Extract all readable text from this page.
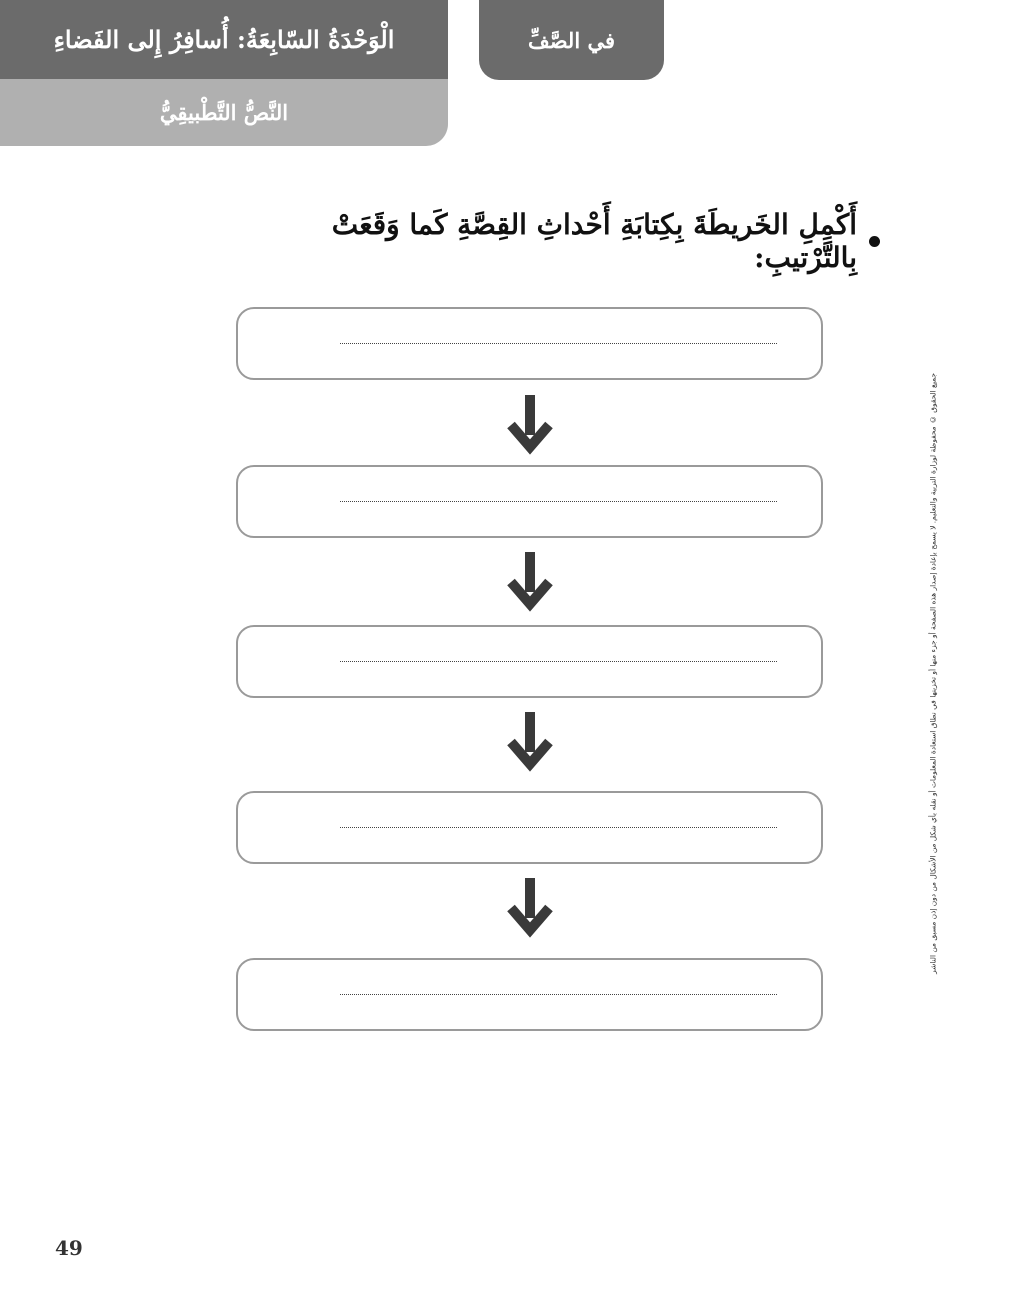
الْوَحْدَةُ السّابِعَةُ: أُسافِرُ إِلى الفَضاءِ
النَّصُّ التَّطْبيقِيُّ
في الصَّفِّ
أَكْمِلِ الخَريطَةَ بِكِتابَةِ أَحْداثِ القِصَّةِ كَما وَقَعَتْ بِالتَّرْتيبِ:
جميع الحقوق © محفوظة لوزارة التربية والتعليم. لا يسمح بإعادة إصدار هذه الصفحة أو جزء منها أو تخزينها في نطاق استعادة المعلومات أو نقله بأي شكل من الأشكال من دون إذن مسبق من الناشر
49
